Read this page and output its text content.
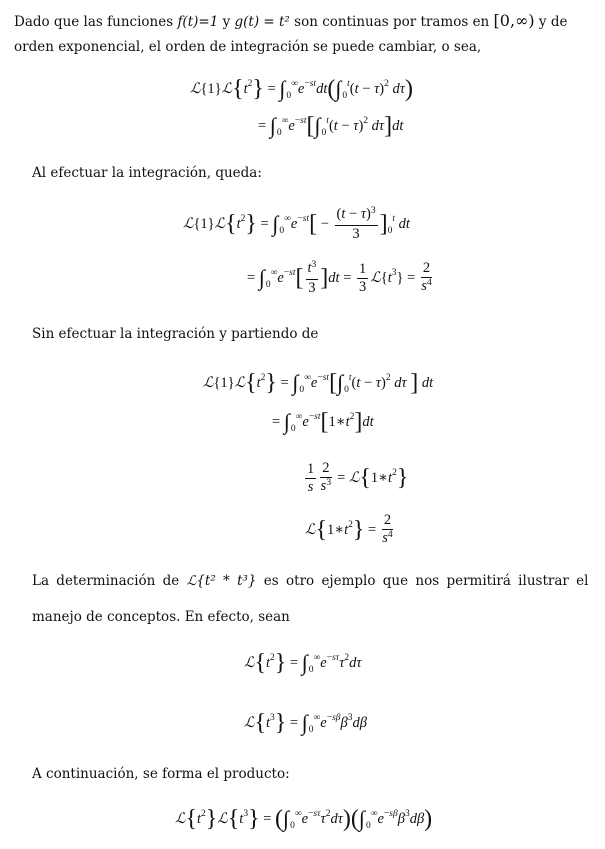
Dado que las funciones f(t)=1 y g(t) = t² son continuas por tramos en [0,∞) y de
orden exponencial, el orden de integración se puede cambiar, o sea,
$ℒ\{1\}ℒ\{t^2\} = \int_0^\infty e^{-st}dt(\int_0^t(t - \tau)^2$ dτ)
= $\int_0^\infty e^{-st}[\int_0^t(t - \tau)^2$ dτ]dt
Al efectuar la integración, queda:
$ℒ\{1\}ℒ\{t^2\} = \int_0^\infty e^{-st}[ - \frac{(t - \tau)^3}{3} ]_0^t$ dt
= $\int_0^\infty e^{-st}[ \frac{t^3}{3} ]dt = \frac{1}{3}$ $ℒ\{t^3\} = \frac{2}{s^4}$
Sin efectuar la integración y partiendo de
$ℒ\{1\}ℒ\{t^2\} = \int_0^\infty e^{-st}[\int_0^t(t - \tau)^2$ dτ ] dt
= $\int_0^\infty e^{-st}[1∗t^2]dt$
$\frac{1}{s} \frac{2}{s^3}$ = $ℒ\{1∗t^2\}$
$ℒ\{1∗t^2\} = \frac{2}{s^4}$
La determinación de ℒ{t² * t³} es otro ejemplo que nos permitirá ilustrar el
manejo de conceptos. En efecto, sean
$ℒ\{t^2\} = \int_0^\infty e^{-s\tau}\tau^2d\tau$
$ℒ\{t^3\} = \int_0^\infty e^{-s\beta}\beta^3d\beta$
A continuación, se forma el producto:
$ℒ\{t^2\}ℒ\{t^3\} = (\int_0^\infty e^{-s\tau}\tau^2d\tau)(\int_0^\infty e^{-s\beta}\beta^3d\beta)$
